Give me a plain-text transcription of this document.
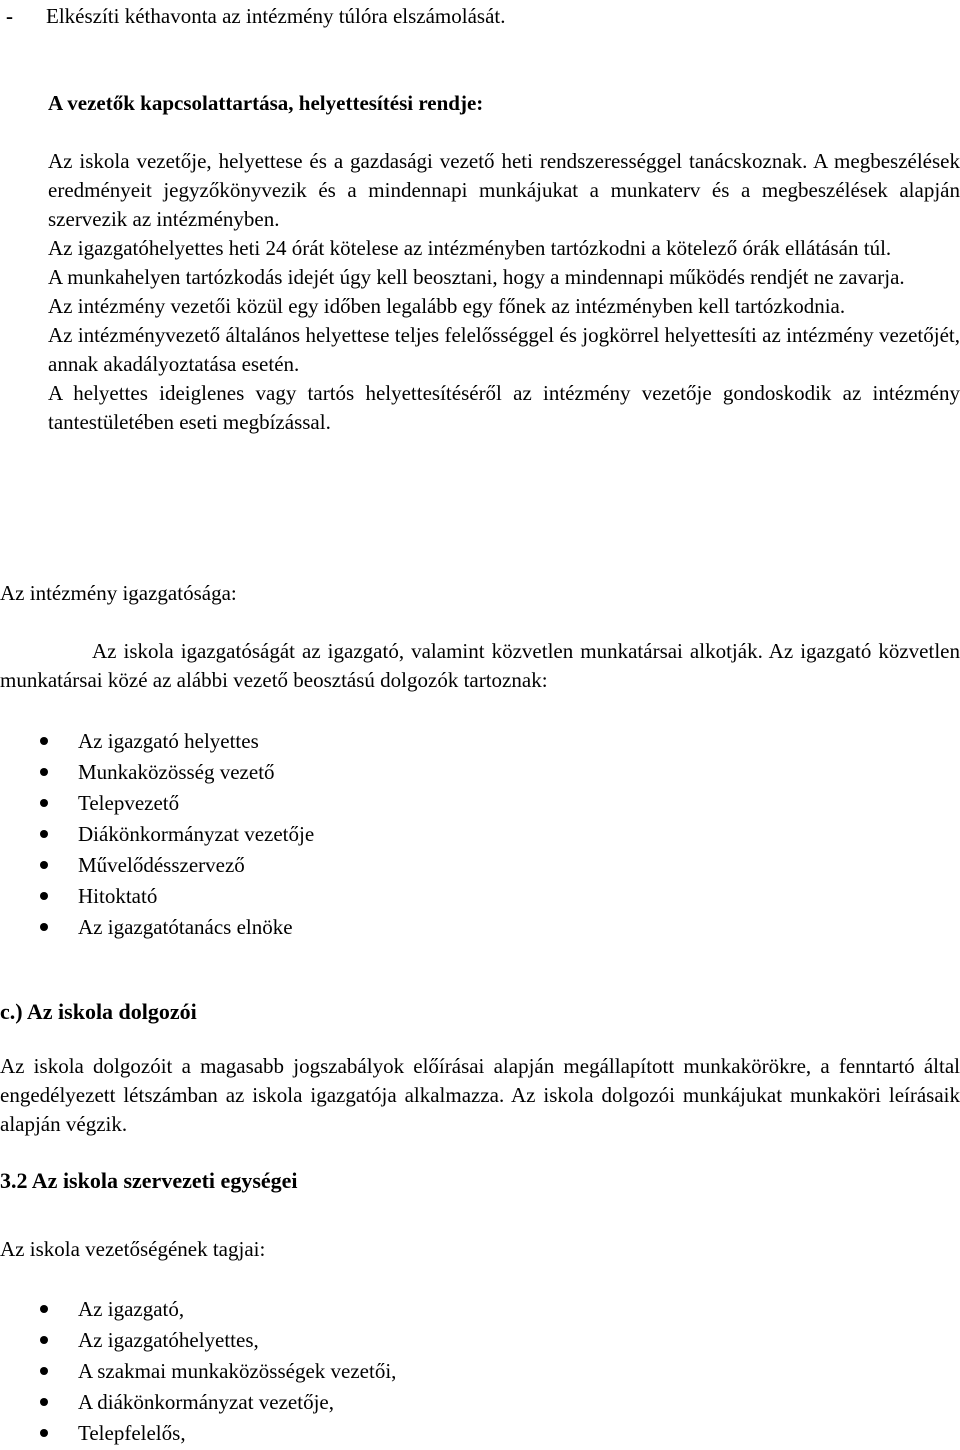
- Elkészíti kéthavonta az intézmény túlóra elszámolását.
A vezetők kapcsolattartása, helyettesítési rendje:

Az iskola vezetője, helyettese és a gazdasági vezető heti rendszerességgel tanácskoznak. A megbeszélések eredményeit jegyzőkönyvezik és a mindennapi munkájukat a munkaterv és a megbeszélések alapján szervezik az intézményben.

Az igazgatóhelyettes heti 24 órát kötelese az intézményben tartózkodni a kötelező órák ellátásán túl.

A munkahelyen tartózkodás idejét úgy kell beosztani, hogy a mindennapi működés rendjét ne zavarja.

Az intézmény vezetői közül egy időben legalább egy főnek az intézményben kell tartózkodnia.

Az intézményvezető általános helyettese teljes felelősséggel és jogkörrel helyettesíti az intézmény vezetőjét, annak akadályoztatása esetén.

A helyettes ideiglenes vagy tartós helyettesítéséről az intézmény vezetője gondoskodik az intézmény tantestületében eseti megbízással.

Az intézmény igazgatósága:

Az iskola igazgatóságát az igazgató, valamint közvetlen munkatársai alkotják. Az igazgató közvetlen munkatársai közé az alábbi vezető beosztású dolgozók tartoznak:

Az igazgató helyettes
Munkaközösség vezető
Telepvezető
Diákönkormányzat vezetője
Művelődésszervező
Hitoktató
Az igazgatótanács elnöke
c.) Az iskola dolgozói

Az iskola dolgozóit a magasabb jogszabályok előírásai alapján megállapított munkakörökre, a fenntartó által engedélyezett létszámban az iskola igazgatója alkalmazza. Az iskola dolgozói munkájukat munkaköri leírásaik alapján végzik.

3.2 Az iskola szervezeti egységei
Az iskola vezetőségének tagjai:
Az igazgató,
Az igazgatóhelyettes,
A szakmai munkaközösségek vezetői,
A diákönkormányzat vezetője,
Telepfelelős,
